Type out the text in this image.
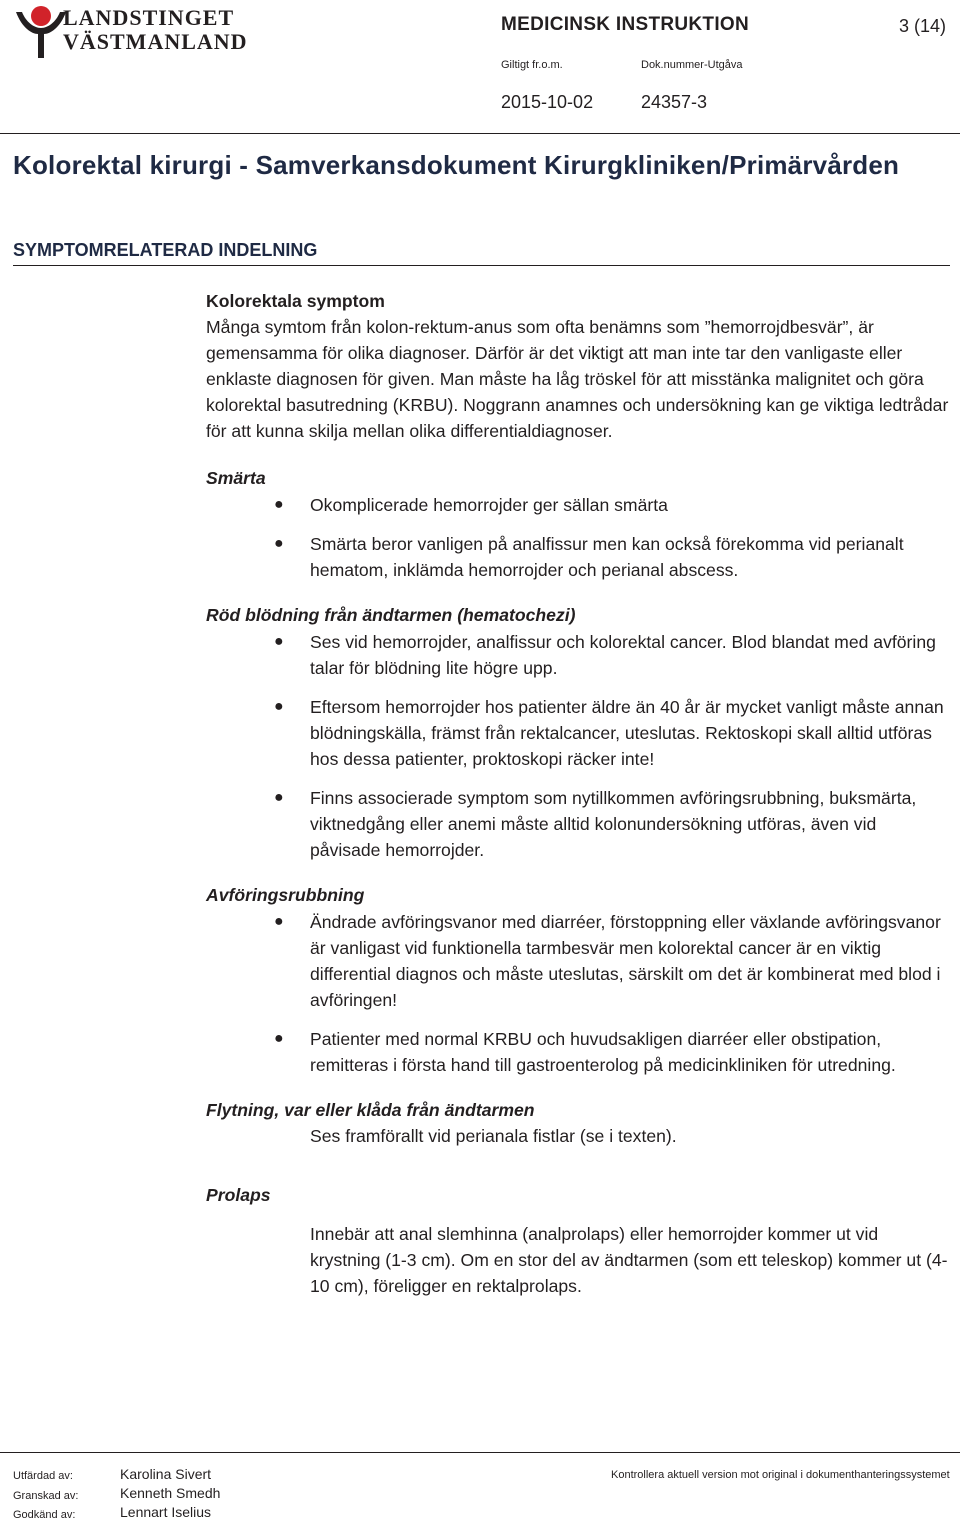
LANDSTINGET
VÄSTMANLAND
MEDICINSK INSTRUKTION	3 (14)
Giltigt fr.o.m.	Dok.nummer-Utgåva
2015-10-02	24357-3
Kolorektal kirurgi - Samverkansdokument Kirurgkliniken/Primärvården
SYMPTOMRELATERAD INDELNING

Kolorektala symptom

Många symtom från kolon-rektum-anus som ofta benämns som ”hemorrojdbesvär”, är gemensamma för olika diagnoser. Därför är det viktigt att man inte tar den vanligaste eller enklaste diagnosen för given. Man måste ha låg tröskel för att misstänka malignitet och göra kolorektal basutredning (KRBU). Noggrann anamnes och undersökning kan ge viktiga ledtrådar för att kunna skilja mellan olika differentialdiagnoser.

Smärta

● Okomplicerade hemorrojder ger sällan smärta
● Smärta beror vanligen på analfissur men kan också förekomma vid perianalt hematom, inklämda hemorrojder och perianal abscess.

Röd blödning från ändtarmen (hematochezi)

● Ses vid hemorrojder, analfissur och kolorektal cancer. Blod blandat med avföring talar för blödning lite högre upp.
● Eftersom hemorrojder hos patienter äldre än 40 år är mycket vanligt måste annan blödningskälla, främst från rektalcancer, uteslutas. Rektoskopi skall alltid utföras hos dessa patienter, proktoskopi räcker inte!
● Finns associerade symptom som nytillkommen avföringsrubbning, buksmärta, viktnedgång eller anemi måste alltid kolonundersökning utföras, även vid påvisade hemorrojder.

Avföringsrubbning

● Ändrade avföringsvanor med diarréer, förstoppning eller växlande avföringsvanor är vanligast vid funktionella tarmbesvär men kolorektal cancer är en viktig differential diagnos och måste uteslutas, särskilt om det är kombinerat med blod i avföringen!
● Patienter med normal KRBU och huvudsakligen diarréer eller obstipation, remitteras i första hand till gastroenterolog på medicinkliniken för utredning.

Flytning, var eller klåda från ändtarmen

Ses framförallt vid perianala fistlar (se i texten).

Prolaps

Innebär att anal slemhinna (analprolaps) eller hemorrojder kommer ut vid krystning (1-3 cm). Om en stor del av ändtarmen (som ett teleskop) kommer ut (4-10 cm), föreligger en rektalprolaps.

Utfärdad av:	Karolina Sivert
Granskad av:	Kenneth Smedh
Godkänd av:	Lennart Iselius
Kontrollera aktuell version mot original i dokumenthanteringssystemet
